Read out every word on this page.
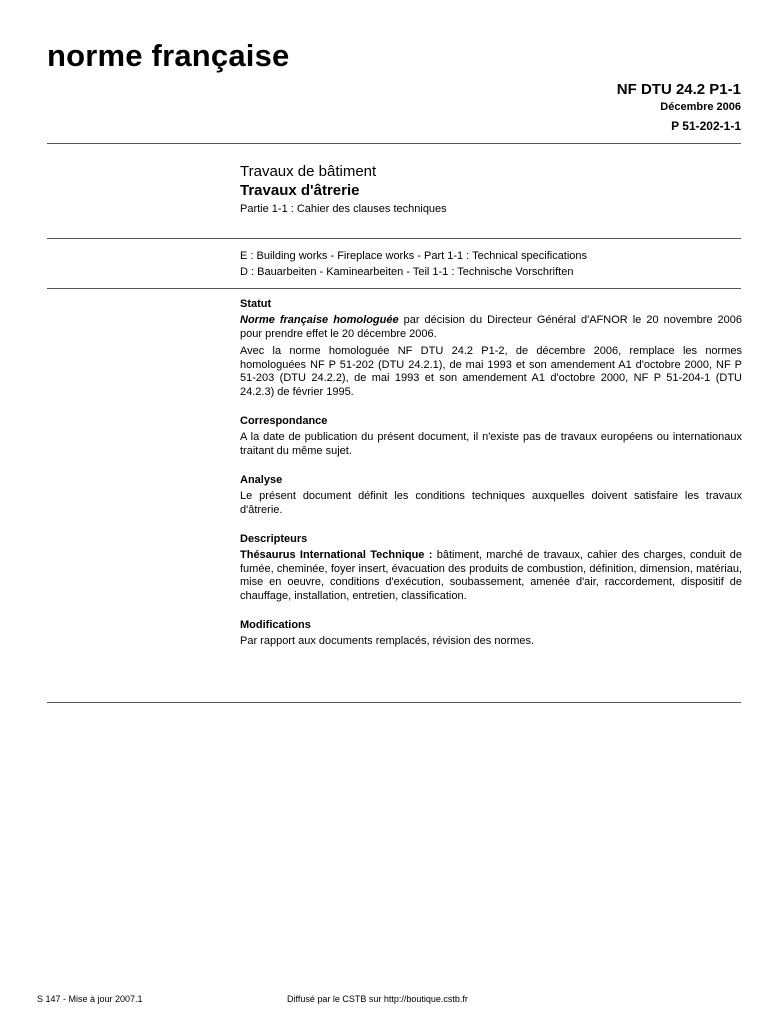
norme française
NF DTU 24.2 P1-1
Décembre 2006
P 51-202-1-1
Travaux de bâtiment
Travaux d'âtrerie
Partie 1-1 : Cahier des clauses techniques
E : Building works - Fireplace works - Part 1-1 : Technical specifications
D : Bauarbeiten - Kaminearbeiten - Teil 1-1 : Technische Vorschriften
Statut

Norme française homologuée par décision du Directeur Général d'AFNOR le 20 novembre 2006 pour prendre effet le 20 décembre 2006.

Avec la norme homologuée NF DTU 24.2 P1-2, de décembre 2006, remplace les normes homologuées NF P 51-202 (DTU 24.2.1), de mai 1993 et son amendement A1 d'octobre 2000, NF P 51-203 (DTU 24.2.2), de mai 1993 et son amendement A1 d'octobre 2000, NF P 51-204-1 (DTU 24.2.3) de février 1995.

Correspondance

A la date de publication du présent document, il n'existe pas de travaux européens ou internationaux traitant du même sujet.

Analyse

Le présent document définit les conditions techniques auxquelles doivent satisfaire les travaux d'âtrerie.

Descripteurs

Thésaurus International Technique : bâtiment, marché de travaux, cahier des charges, conduit de fumée, cheminée, foyer insert, évacuation des produits de combustion, définition, dimension, matériau, mise en oeuvre, conditions d'exécution, soubassement, amenée d'air, raccordement, dispositif de chauffage, installation, entretien, classification.

Modifications

Par rapport aux documents remplacés, révision des normes.

S 147 - Mise à jour 2007.1	Diffusé par le CSTB sur http://boutique.cstb.fr
